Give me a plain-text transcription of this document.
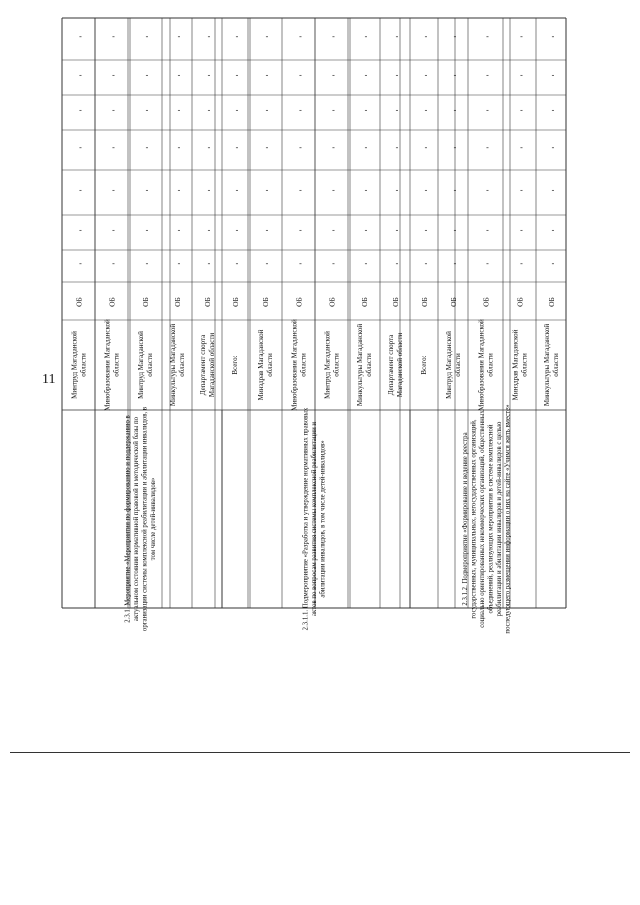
11 Минтруд Магаданскойобласти
ОБ
-
-
-
-
-
-
-
Минобразования Магаданскойобласти
ОБ
-
-
-
-
-
-
-
Минтруд Магаданскойобласти
ОБ
-
-
-
-
-
-
-
Минкультуры Магаданскойобласти
ОБ
-
-
-
-
-
-
-
Департамент спортаМагаданской области
ОБ
-
-
-
-
-
-
-
Всего:
ОБ
-
-
-
-
-
-
-
Минздрав Магаданскойобласти
ОБ
-
-
-
-
-
-
-
Минобразования Магаданскойобласти
ОБ
-
-
-
-
-
-
-
Минтруд Магаданскойобласти
ОБ
-
-
-
-
-
-
-
Минкультуры Магаданскойобласти
ОБ
-
-
-
-
-
-
-
Департамент спортаМагаданской области
ОБ
-
-
-
-
-
-
-
Всего:
ОБ
-
-
-
-
-
-
-
Минтруд Магаданскойобласти
ОБ
-
-
-
-
-
-
-
Минобразования Магаданскойобласти
ОБ
-
-
-
-
-
-
-
Минздрав Магаданскойобласти
ОБ
-
-
-
-
-
-
-
Минкультуры Магаданскойобласти
ОБ
-
-
-
-
-
-
-
2.3.1. Мероприятие «Мероприятия по формированию и поддержанию в актуальном состоянии нормативной правовой и методической базы по организации системы комплексной реабилитации и абилитации инвалидов, в том числе детей-инвалидов»	2.3.1.1. Подмероприятие «Разработка и утверждение нормативных правовых актов по вопросам развития системы комплексной реабилитации и абилитации инвалидов, в том числе детей-инвалидов»	2.3.1.2. Подмероприятие «Формирование и ведение реестра государственных, муниципальных, негосударственных организаций, социально ориентированных некоммерческих организаций, общественных объединений, реализующих мероприятия в системе комплексной реабилитации и абилитации инвалидов и детей-инвалидов с целью последующего размещения информации о них на сайте «Учимся жить вместе»
